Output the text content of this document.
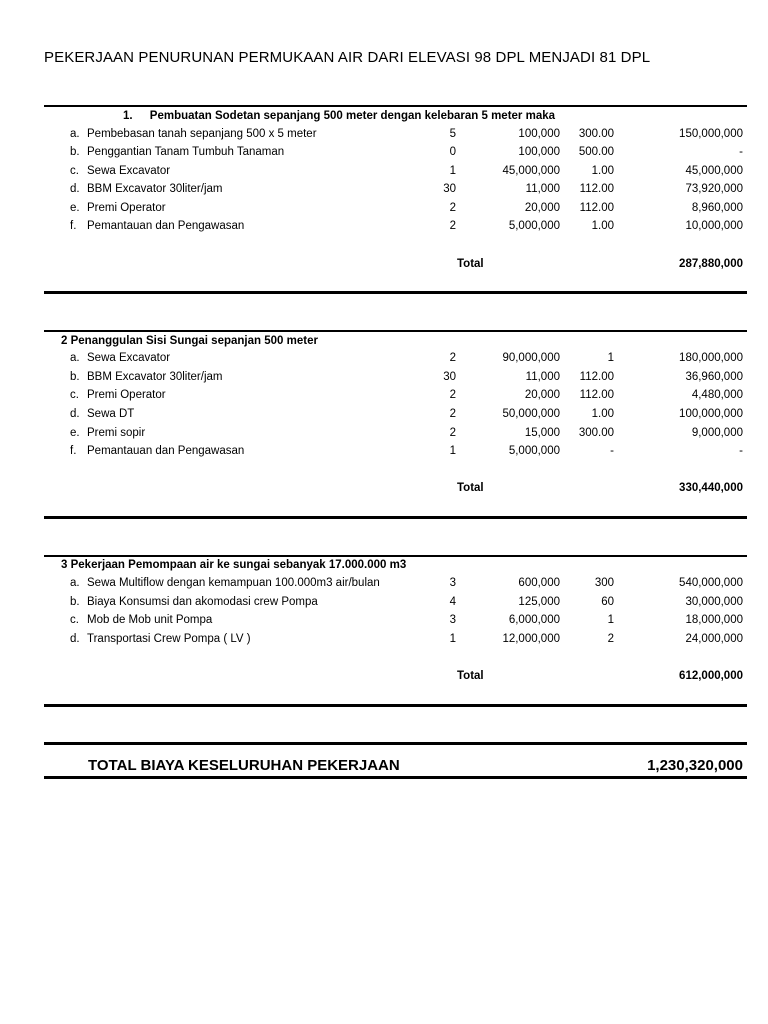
PEKERJAAN PENURUNAN PERMUKAAN AIR DARI ELEVASI 98 DPL MENJADI 81 DPL
1. Pembuatan Sodetan sepanjang 500 meter dengan kelebaran 5 meter maka
a. Pembebasan tanah sepanjang 500 x 5 meter	5	100,000	300.00	150,000,000
b. Penggantian Tanam Tumbuh Tanaman	0	100,000	500.00	-
c. Sewa Excavator	1	45,000,000	1.00	45,000,000
d. BBM Excavator 30liter/jam	30	11,000	112.00	73,920,000
e. Premi Operator	2	20,000	112.00	8,960,000
f. Pemantauan dan Pengawasan	2	5,000,000	1.00	10,000,000
Total	287,880,000
2 Penanggulan Sisi Sungai sepanjan 500 meter
a. Sewa Excavator	2	90,000,000	1	180,000,000
b. BBM Excavator 30liter/jam	30	11,000	112.00	36,960,000
c. Premi Operator	2	20,000	112.00	4,480,000
d. Sewa DT	2	50,000,000	1.00	100,000,000
e. Premi sopir	2	15,000	300.00	9,000,000
f. Pemantauan dan Pengawasan	1	5,000,000	-	-
Total	330,440,000
3 Pekerjaan Pemompaan air ke sungai sebanyak 17.000.000 m3
a. Sewa Multiflow dengan kemampuan 100.000m3 air/bulan	3	600,000	300	540,000,000
b. Biaya Konsumsi dan akomodasi crew Pompa	4	125,000	60	30,000,000
c. Mob de Mob unit Pompa	3	6,000,000	1	18,000,000
d. Transportasi Crew Pompa ( LV )	1	12,000,000	2	24,000,000
Total	612,000,000
TOTAL BIAYA KESELURUHAN PEKERJAAN	1,230,320,000
